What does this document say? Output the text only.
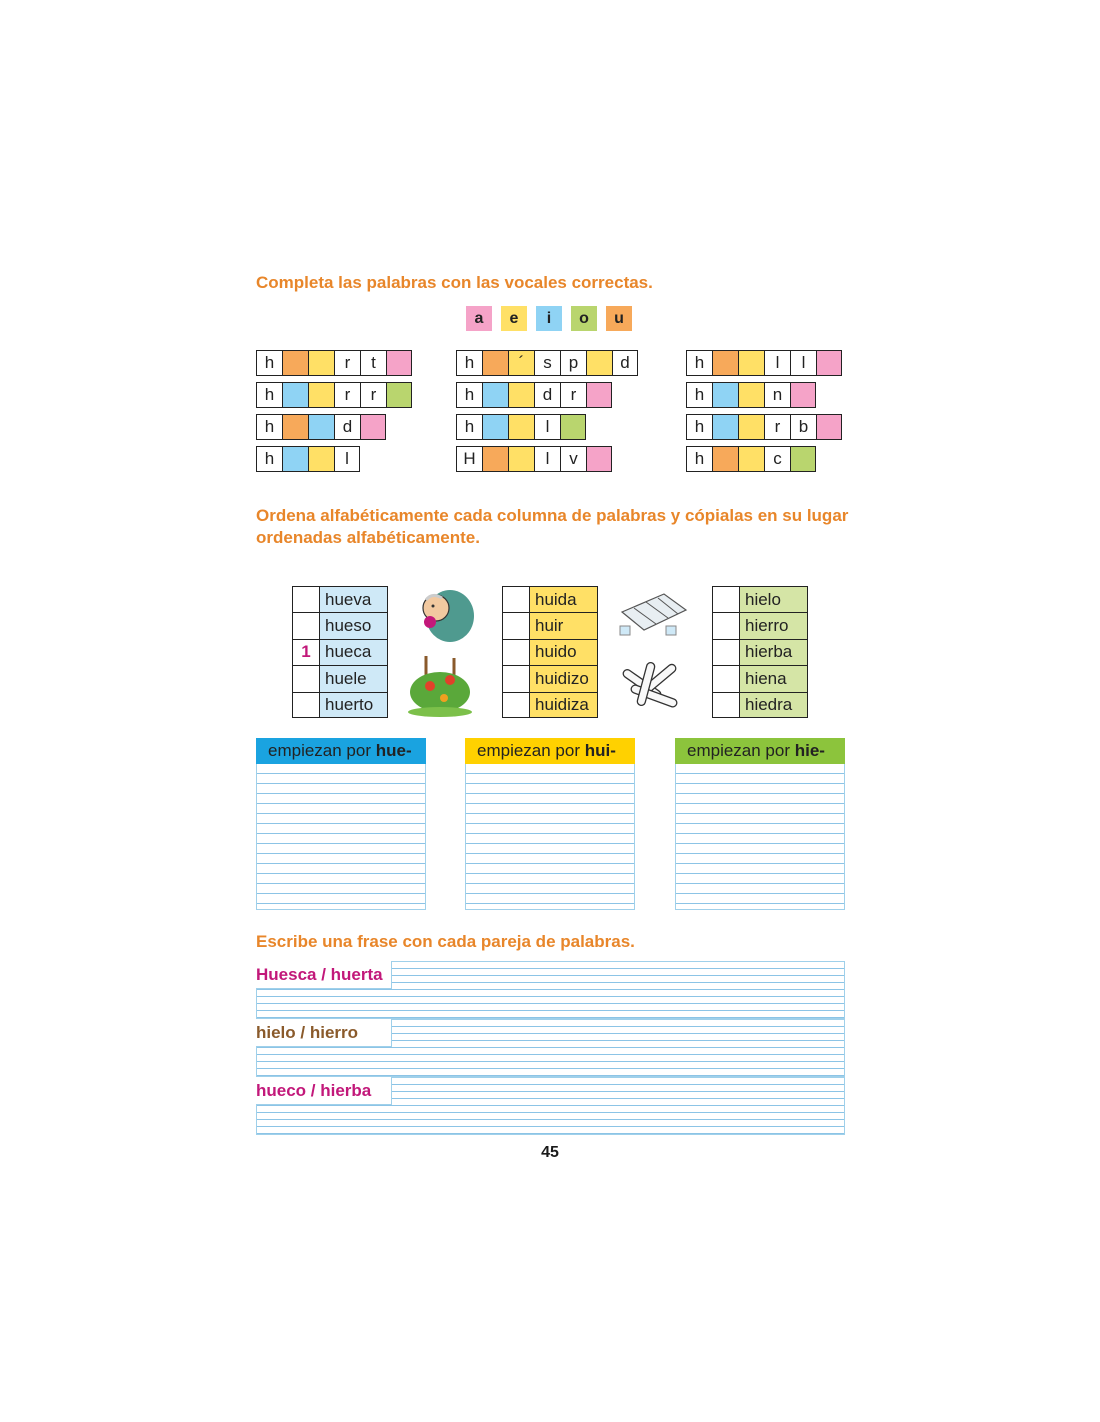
Completa las palabras con las vocales correctas.
a e i o u
h	r	t
h	r	r
h	d
h	l
h	´	s	p	d
h	d	r
h	l
H	l	v
h	l	l
h	n
h	r	b
h	c
Ordena alfabéticamente cada columna de palabras y cópialas en su lugar ordenadas alfabéticamente.
hueva
hueso
1 hueca
huele
huerto
huida
huir
huido
huidizo
huidiza
hielo
hierro
hierba
hiena
hiedra
empiezan por
hue-	empiezan por
hui-	empiezan por
hie-
Escribe una frase con cada pareja de palabras.
Huesca / huerta
hielo / hierro
hueco / hierba
45
